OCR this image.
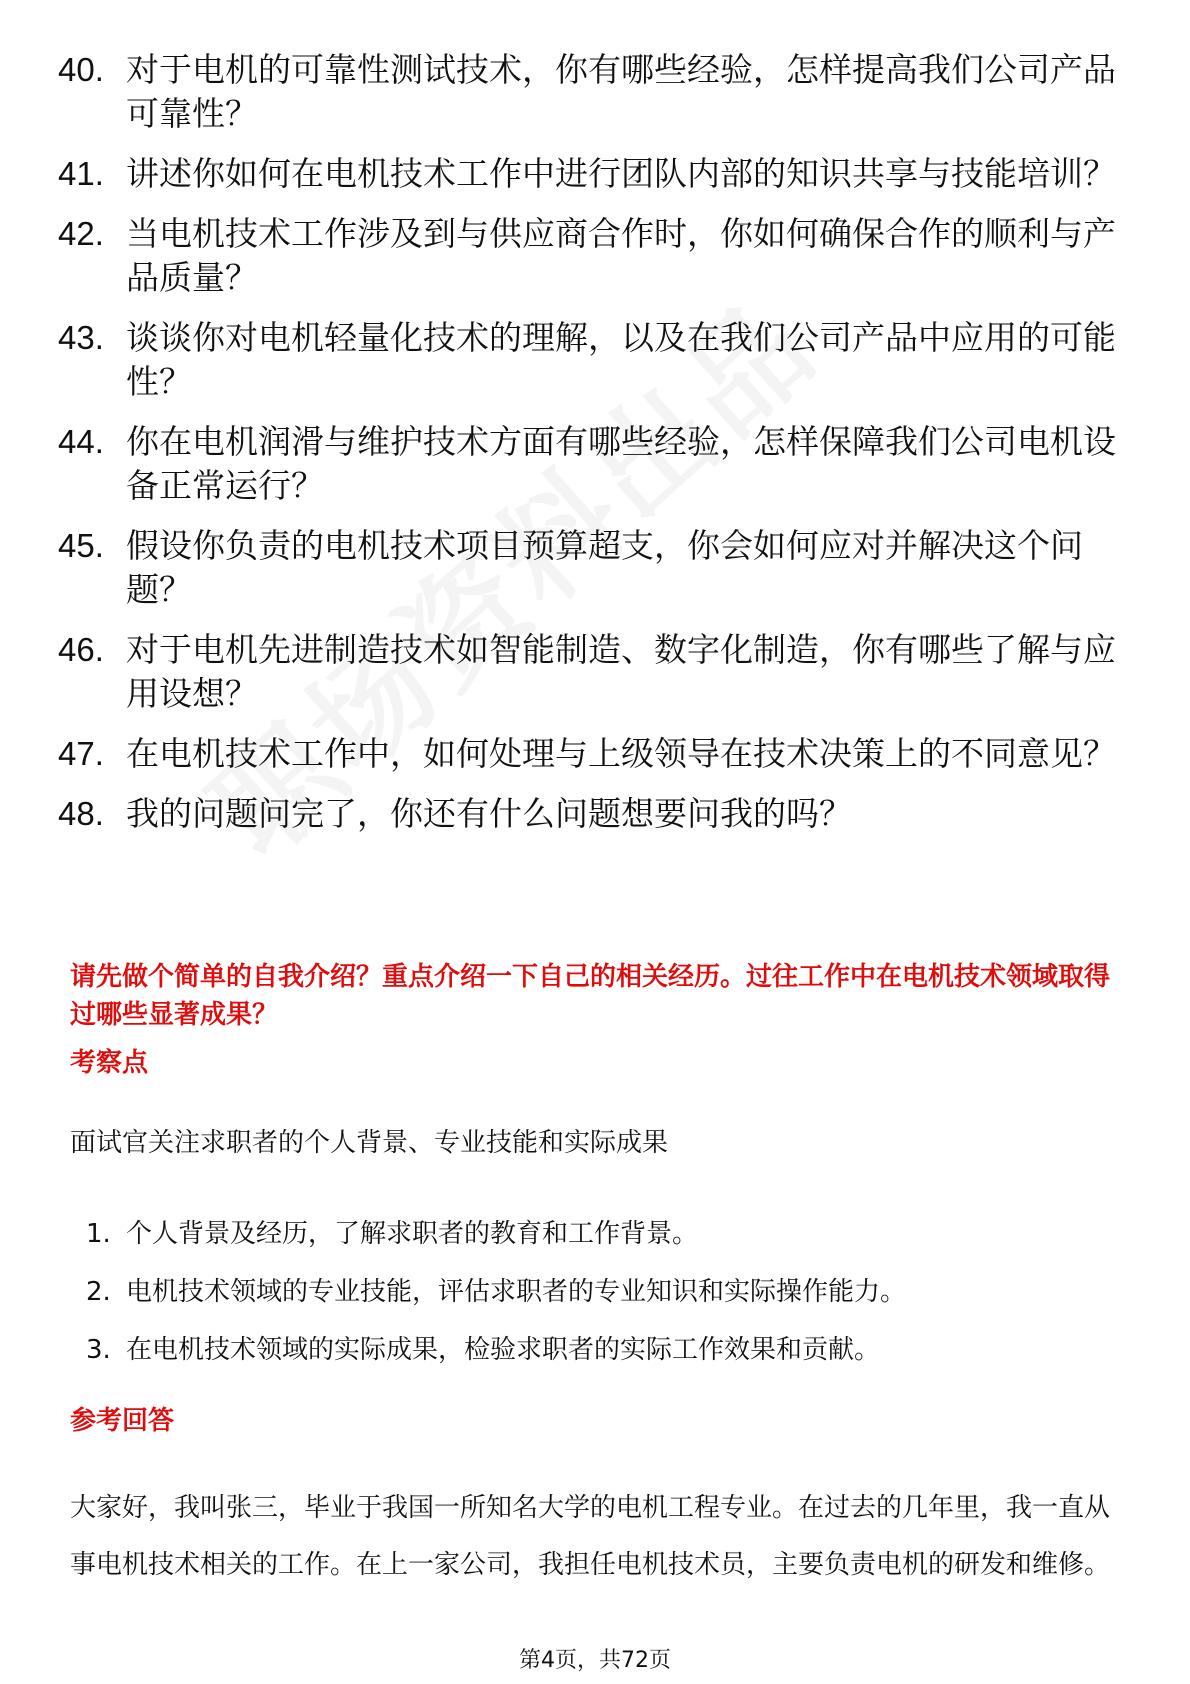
40. 对于电机的可靠性测试技术，你有哪些经验，怎样提高我们公司产品可靠性？
41. 讲述你如何在电机技术工作中进行团队内部的知识共享与技能培训？
42. 当电机技术工作涉及到与供应商合作时，你如何确保合作的顺利与产品质量？
43. 谈谈你对电机轻量化技术的理解，以及在我们公司产品中应用的可能性？
44. 你在电机润滑与维护技术方面有哪些经验，怎样保障我们公司电机设备正常运行？
45. 假设你负责的电机技术项目预算超支，你会如何应对并解决这个问题？
46. 对于电机先进制造技术如智能制造、数字化制造，你有哪些了解与应用设想？
47. 在电机技术工作中，如何处理与上级领导在技术决策上的不同意见？
48. 我的问题问完了，你还有什么问题想要问我的吗？
请先做个简单的自我介绍？重点介绍一下自己的相关经历。过往工作中在电机技术领域取得过哪些显著成果？
考察点
面试官关注求职者的个人背景、专业技能和实际成果
1. 个人背景及经历，了解求职者的教育和工作背景。
2. 电机技术领域的专业技能，评估求职者的专业知识和实际操作能力。
3. 在电机技术领域的实际成果，检验求职者的实际工作效果和贡献。
参考回答
大家好，我叫张三，毕业于我国一所知名大学的电机工程专业。在过去的几年里，我一直从事电机技术相关的工作。在上一家公司，我担任电机技术员，主要负责电机的研发和维修。
第4页，共72页
